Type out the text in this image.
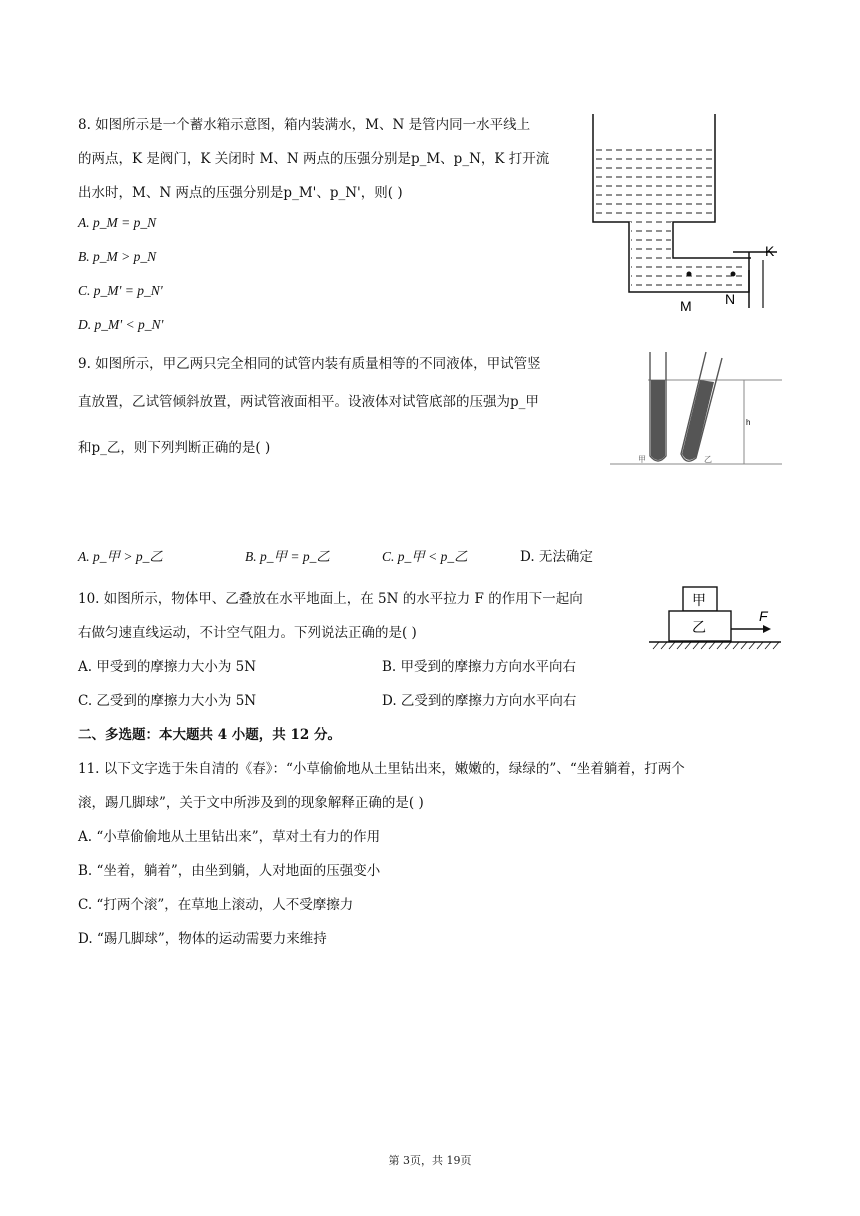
8. 如图所示是一个蓄水箱示意图，箱内装满水，M、N 是管内同一水平线上
的两点，K 是阀门，K 关闭时 M、N 两点的压强分别是p_M、p_N，K 打开流
出水时，M、N 两点的压强分别是p_M'、p_N'，则( )
A. p_M = p_N
B. p_M > p_N
C. p_M' = p_N'
D. p_M' < p_N'
K
M N
9. 如图所示，甲乙两只完全相同的试管内装有质量相等的不同液体，甲试管竖
直放置，乙试管倾斜放置，两试管液面相平。设液体对试管底部的压强为p_甲
和p_乙，则下列判断正确的是( )
A. p_甲 > p_乙	B. p_甲 = p_乙	C. p_甲 < p_乙	D. 无法确定
h
甲	乙
10. 如图所示，物体甲、乙叠放在水平地面上，在 5N 的水平拉力 F 的作用下一起向
右做匀速直线运动，不计空气阻力。下列说法正确的是( )
A. 甲受到的摩擦力大小为 5N	B. 甲受到的摩擦力方向水平向右
C. 乙受到的摩擦力大小为 5N	D. 乙受到的摩擦力方向水平向右
甲
乙
F
二、多选题：本大题共 4 小题，共 12 分。
11. 以下文字选于朱自清的《春》：“小草偷偷地从土里钻出来，嫩嫩的，绿绿的”、“坐着躺着，打两个
滚，踢几脚球”，关于文中所涉及到的现象解释正确的是( )
A. “小草偷偷地从土里钻出来”，草对土有力的作用
B. “坐着，躺着”，由坐到躺，人对地面的压强变小
C. “打两个滚”，在草地上滚动，人不受摩擦力
D. “踢几脚球”，物体的运动需要力来维持
第 3页，共 19页
